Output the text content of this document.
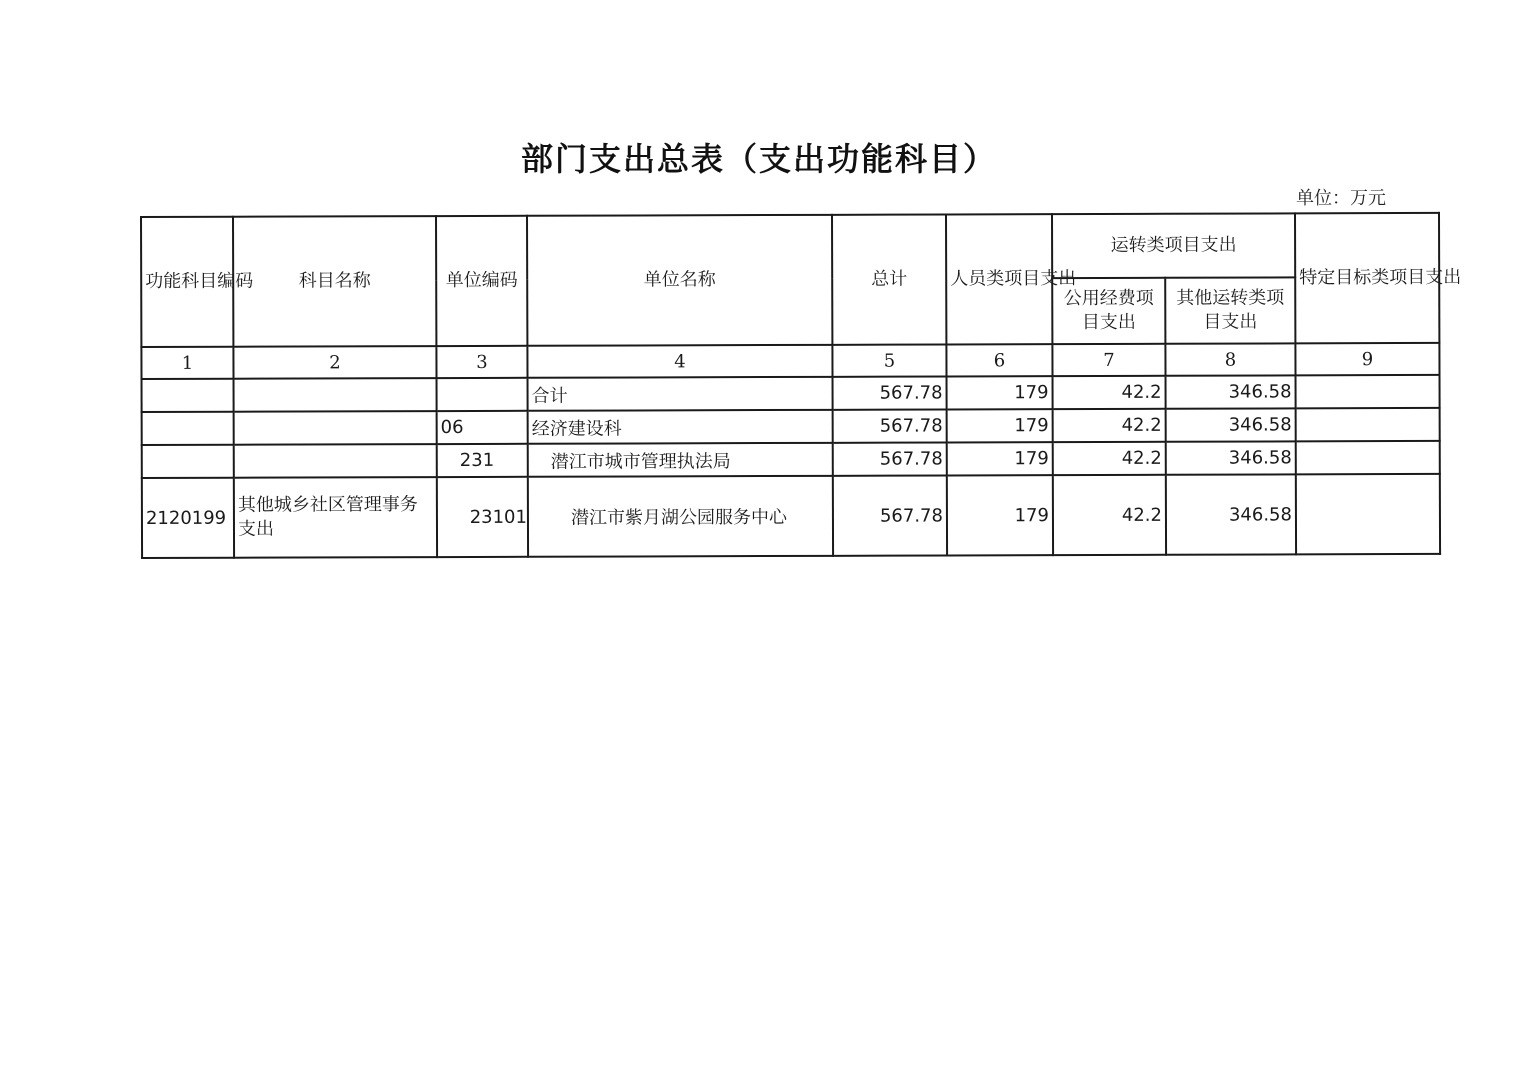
部门支出总表（支出功能科目）
单位：万元
功能科目编码	科目名称	单位编码	单位名称	总计	人员类项目支出	运转类项目支出		特定目标类项目支出
						公用经费项目支出	其他运转类项目支出	
1	2	3	4	5	6	7	8	9
			合计	567.78	179	42.2	346.58	
		06	经济建设科	567.78	179	42.2	346.58	
		231	潜江市城市管理执法局	567.78	179	42.2	346.58	
2120199	其他城乡社区管理事务支出	23101	潜江市紫月湖公园服务中心	567.78	179	42.2	346.58	
